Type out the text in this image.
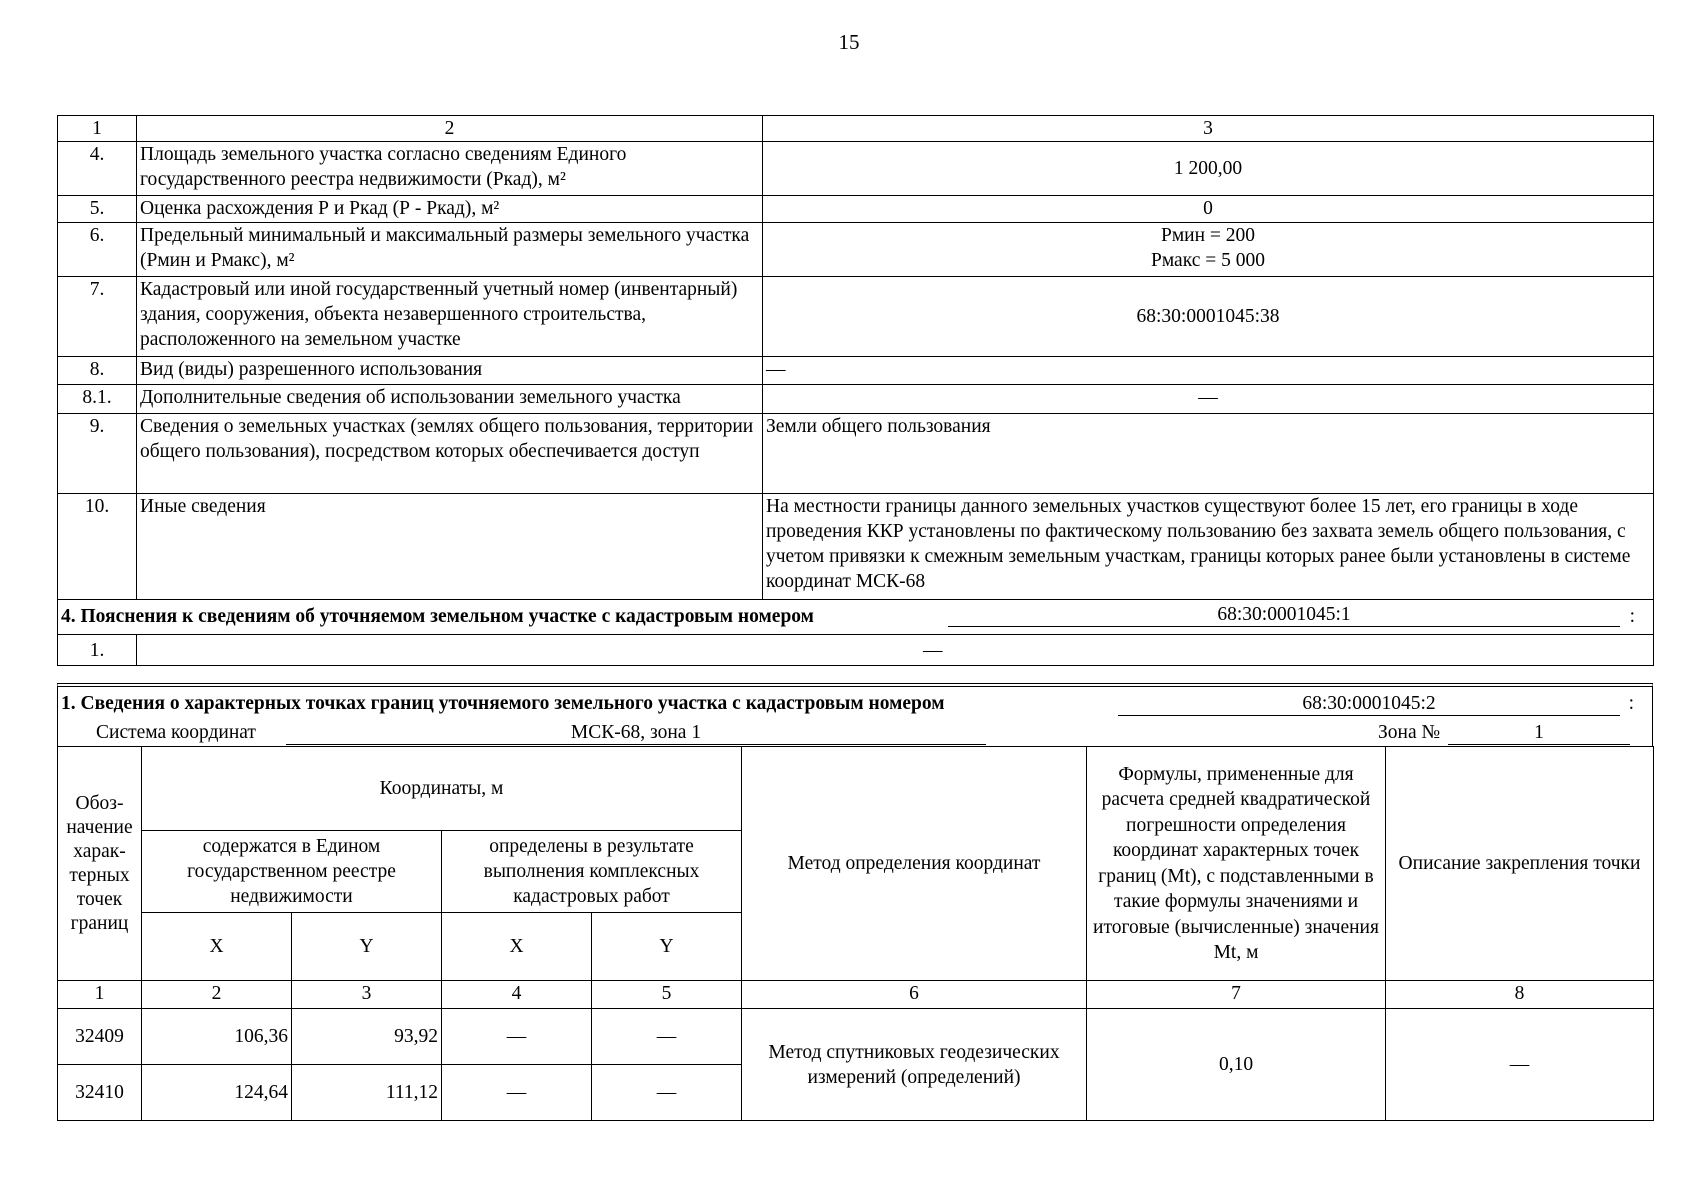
15
1	2	3
4.	Площадь земельного участка согласно сведениям Единого государственного реестра недвижимости (Ркад), м²	1 200,00
5.	Оценка расхождения Р и Ркад (Р - Ркад), м²	0
6.	Предельный минимальный и максимальный размеры земельного участка (Рмин и Рмакс), м²	Рмин = 200
Рмакс = 5 000

7.	Кадастровый или иной государственный учетный номер (инвентарный) здания, сооружения, объекта незавершенного строительства, расположенного на земельном участке	68:30:0001045:38
8.	Вид (виды) разрешенного использования	—
8.1.	Дополнительные сведения об использовании земельного участка	—
9.	Сведения о земельных участках (землях общего пользования, территории общего пользования), посредством которых обеспечивается доступ	Земли общего пользования
10.	Иные сведения	На местности границы данного земельных участков существуют более 15 лет, его границы в ходе проведения ККР установлены по фактическому пользованию без захвата земель общего пользования, с учетом привязки к смежным земельным участкам, границы которых ранее были установлены в системе координат МСК-68

4. Пояснения к сведениям об уточняемом земельном участке с кадастровым номером 68:30:0001045:1 :		

1.	—	
1. Сведения о характерных точках границ уточняемого земельного участка с кадастровым номером	68:30:0001045:2	:
Система координат	МСК-68, зона 1	Зона №	1
Обоз-начение харак-терных точек границ	Координаты, м				Метод определения координат	Формулы, примененные для расчета средней квадратической погрешности определения координат характерных точек границ (Mt), с подставленными в такие формулы значениями и итоговые (вычисленные) значения Mt, м	Описание закрепления точки
	содержатся в Едином государственном реестре недвижимости		определены в результате выполнения комплексных кадастровых работ				
	X	Y	X	Y			
1	2	3	4	5	6	7	8
32409	106,36	93,92	—	—	Метод спутниковых геодезических измерений (определений)	0,10	—
32410	124,64	111,12	—	—			
